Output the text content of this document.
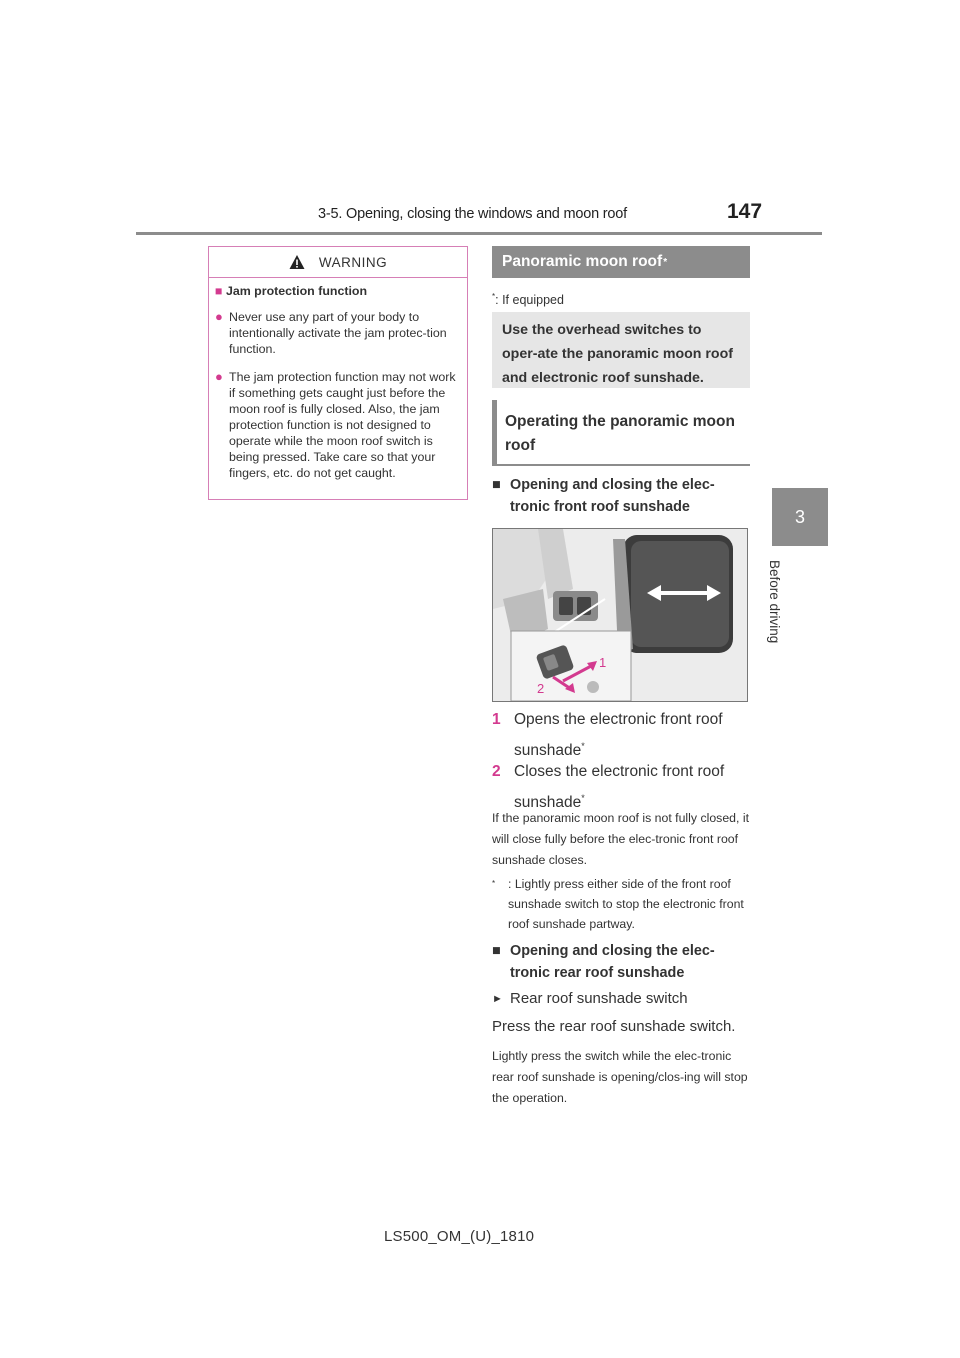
3-5. Opening, closing the windows and moon roof	147
3
Before driving
WARNING
■ Jam protection function
● Never use any part of your body to intentionally activate the jam protec-tion function.
● The jam protection function may not work if something gets caught just before the moon roof is fully closed. Also, the jam protection function is not designed to operate while the moon roof switch is being pressed. Take care so that your fingers, etc. do not get caught.
Panoramic moon roof *
*: If equipped
Use the overhead switches to oper-ate the panoramic moon roof and electronic roof sunshade.
Operating the panoramic moon roof
■ Opening and closing the elec-tronic front roof sunshade
1
2
1 Opens the electronic front roof sunshade*
2 Closes the electronic front roof sunshade*
If the panoramic moon roof is not fully closed, it will close fully before the elec-tronic front roof sunshade closes.
*	: Lightly press either side of the front roof sunshade switch to stop the electronic front roof sunshade partway.
■ Opening and closing the elec-tronic rear roof sunshade
► Rear roof sunshade switch
Press the rear roof sunshade switch.
Lightly press the switch while the elec-tronic rear roof sunshade is opening/clos-ing will stop the operation.
LS500_OM_(U)_1810
